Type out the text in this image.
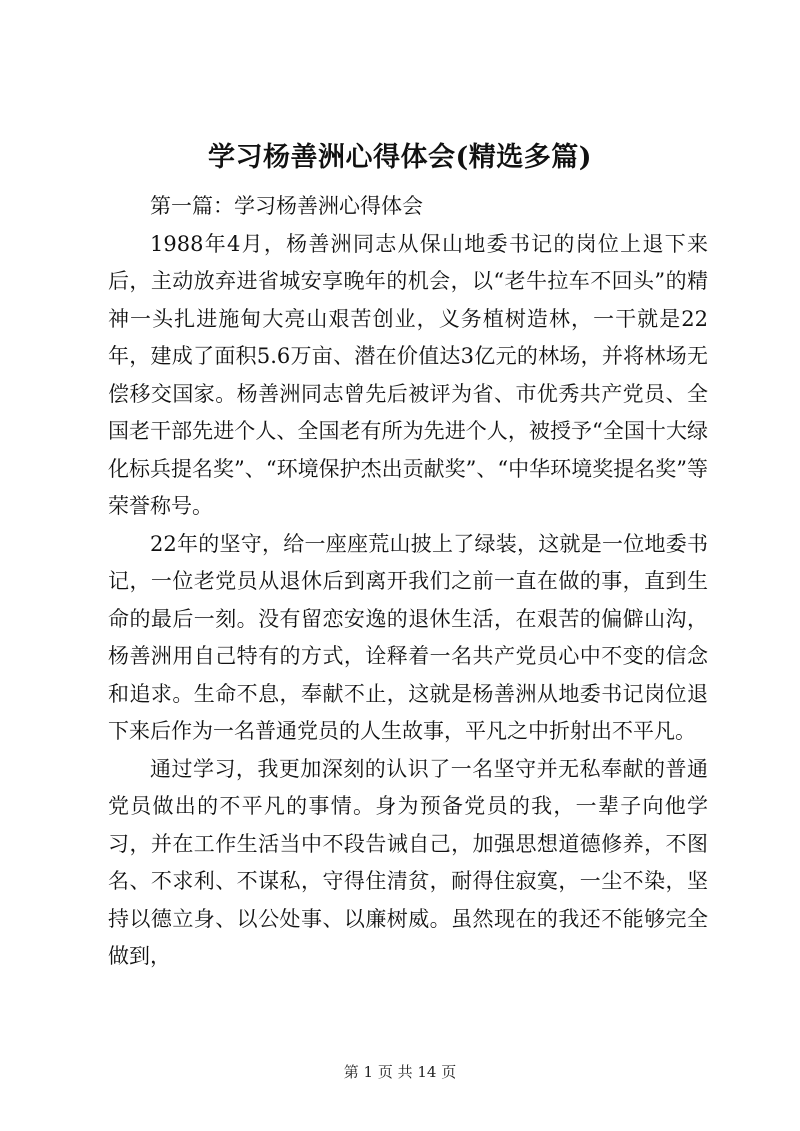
学习杨善洲心得体会(精选多篇)

第一篇：学习杨善洲心得体会

1988年4月，杨善洲同志从保山地委书记的岗位上退下来后，主动放弃进省城安享晚年的机会，以“老牛拉车不回头”的精神一头扎进施甸大亮山艰苦创业，义务植树造林，一干就是22年，建成了面积5.6万亩、潜在价值达3亿元的林场，并将林场无偿移交国家。杨善洲同志曾先后被评为省、市优秀共产党员、全国老干部先进个人、全国老有所为先进个人，被授予“全国十大绿化标兵提名奖”、“环境保护杰出贡献奖”、“中华环境奖提名奖”等荣誉称号。

22年的坚守，给一座座荒山披上了绿装，这就是一位地委书记，一位老党员从退休后到离开我们之前一直在做的事，直到生命的最后一刻。没有留恋安逸的退休生活，在艰苦的偏僻山沟，杨善洲用自己特有的方式，诠释着一名共产党员心中不变的信念和追求。生命不息，奉献不止，这就是杨善洲从地委书记岗位退下来后作为一名普通党员的人生故事，平凡之中折射出不平凡。

通过学习，我更加深刻的认识了一名坚守并无私奉献的普通党员做出的不平凡的事情。身为预备党员的我，一辈子向他学习，并在工作生活当中不段告诫自己，加强思想道德修养，不图名、不求利、不谋私，守得住清贫，耐得住寂寞，一尘不染，坚持以德立身、以公处事、以廉树威。虽然现在的我还不能够完全做到，

第 1 页 共 14 页
